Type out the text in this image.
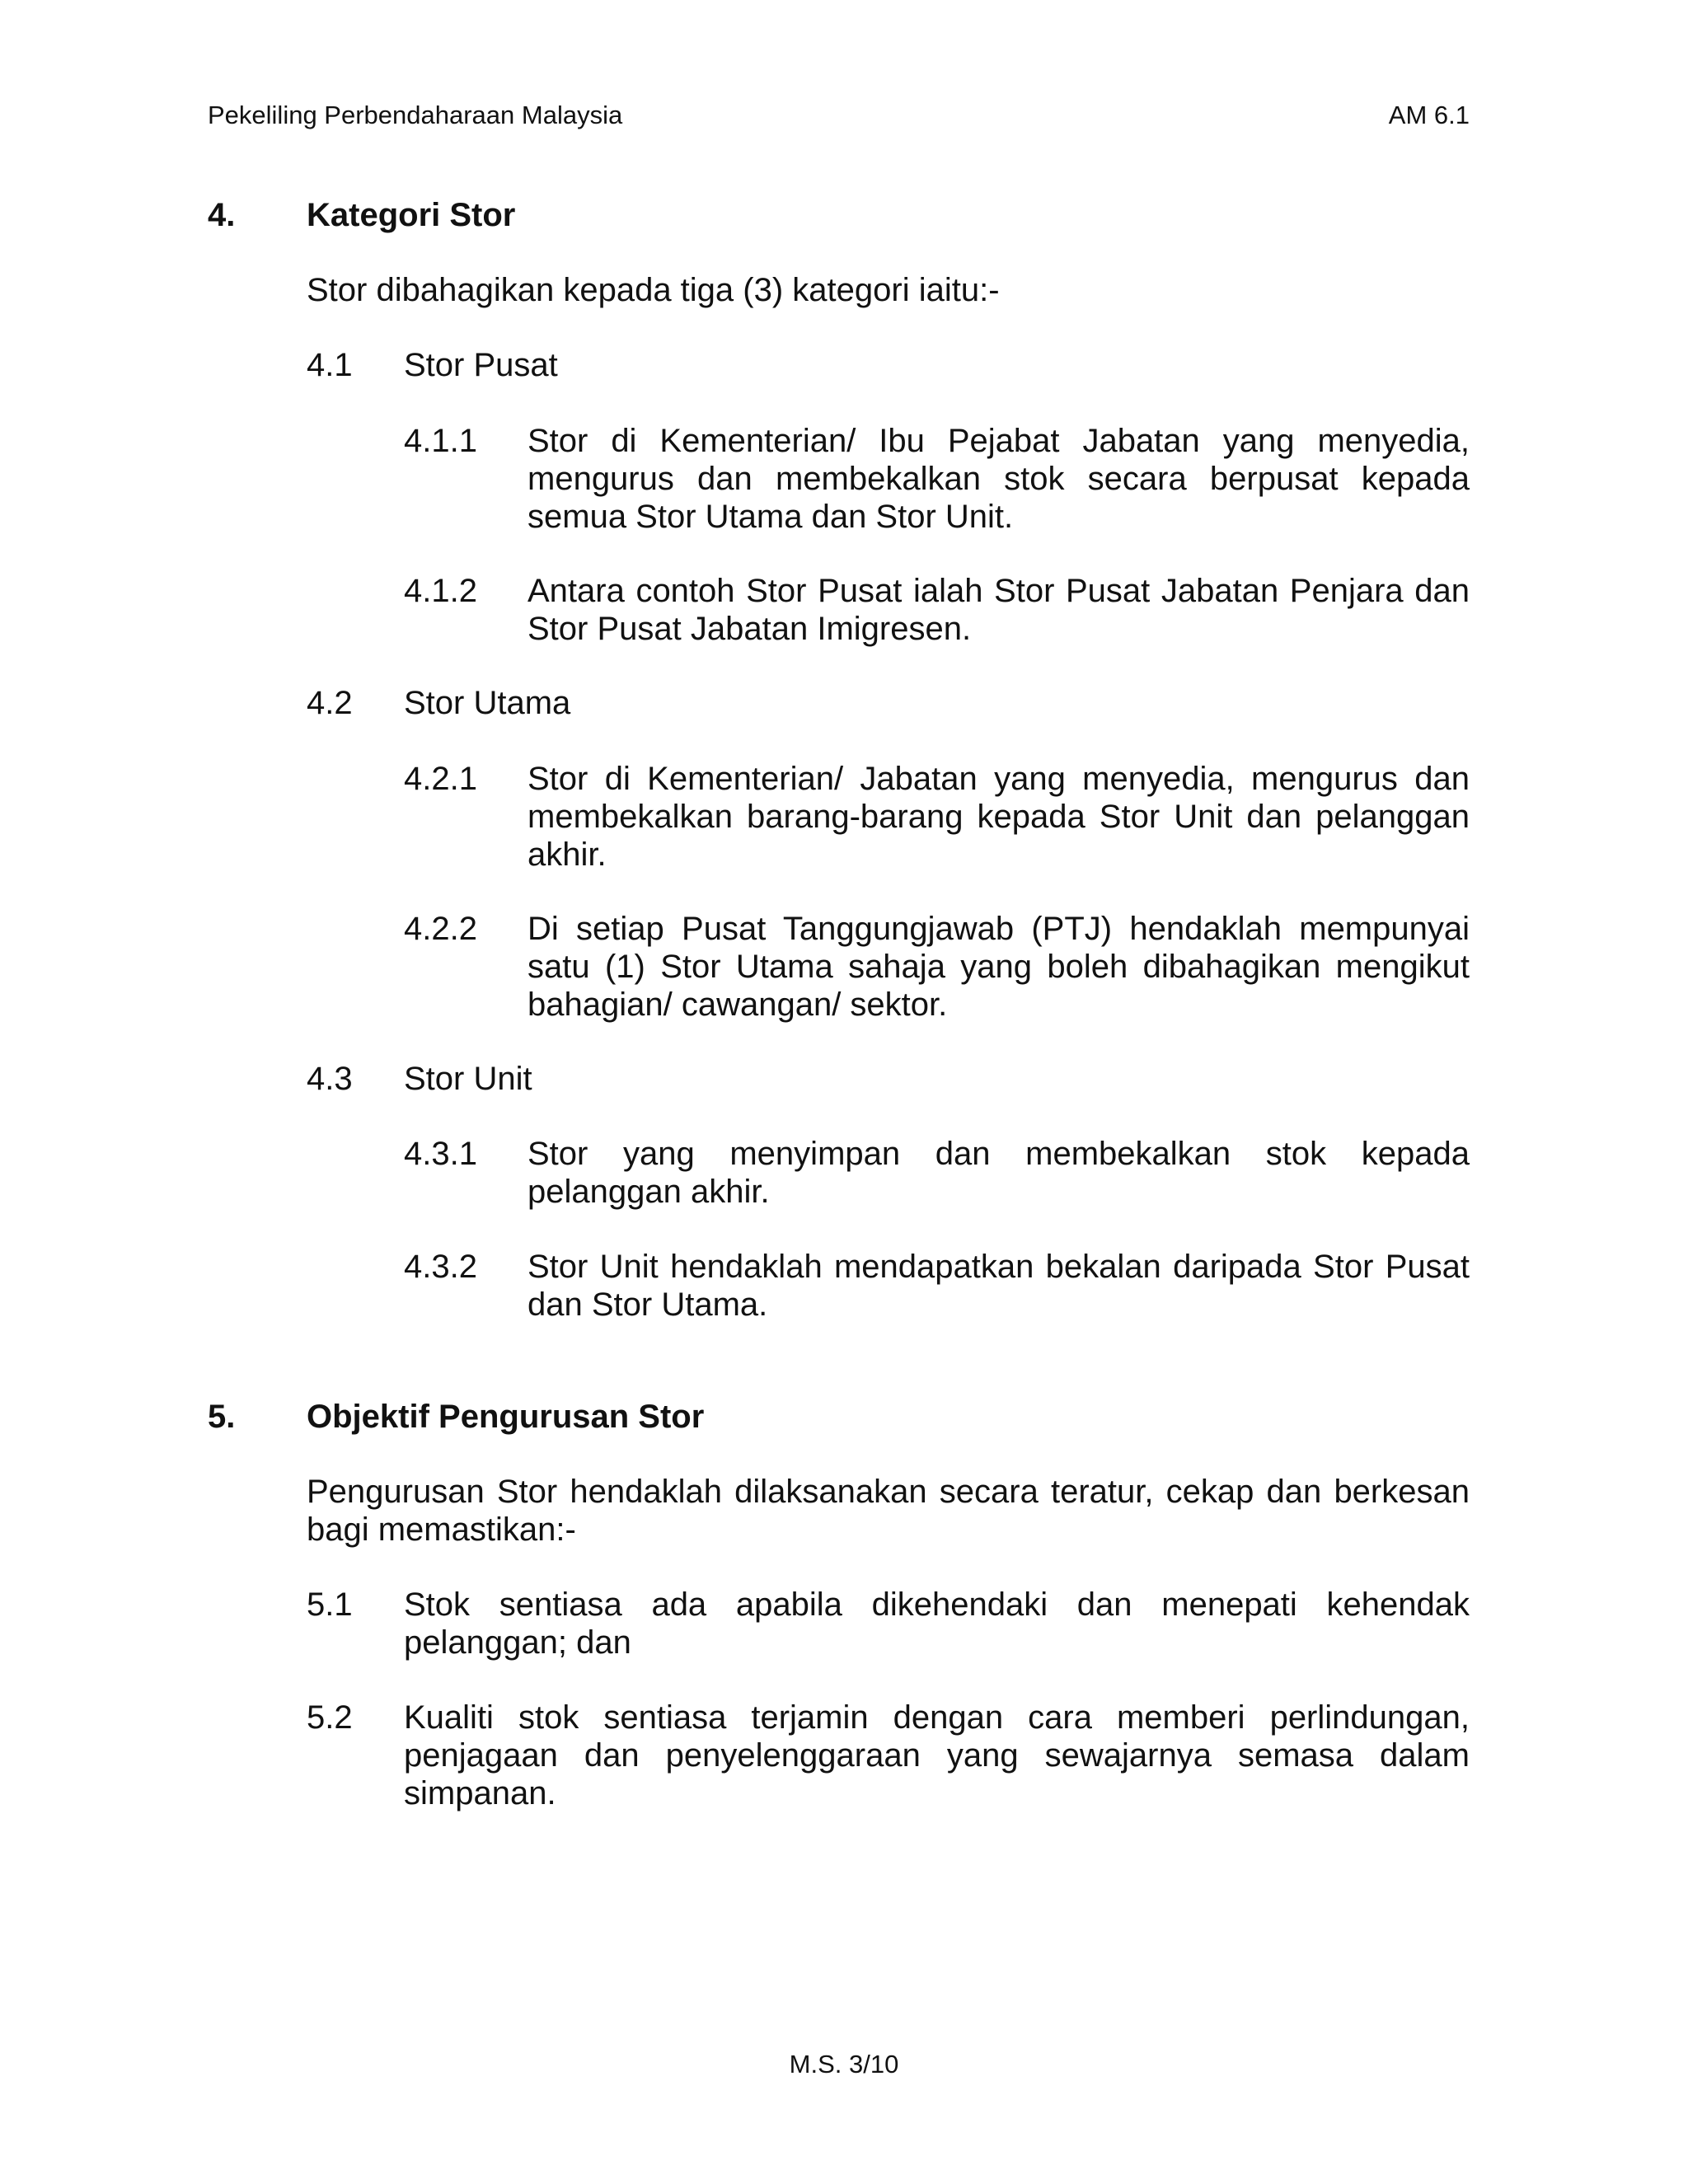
Pekeliling Perbendaharaan Malaysia	AM 6.1
4. Kategori Stor
Stor dibahagikan kepada tiga (3) kategori iaitu:-
4.1 Stor Pusat
4.1.1 Stor di Kementerian/ Ibu Pejabat Jabatan yang menyedia, mengurus dan membekalkan stok secara berpusat kepada semua Stor Utama dan Stor Unit.
4.1.2 Antara contoh Stor Pusat ialah Stor Pusat Jabatan Penjara dan Stor Pusat Jabatan Imigresen.
4.2 Stor Utama
4.2.1 Stor di Kementerian/ Jabatan yang menyedia, mengurus dan membekalkan barang-barang kepada Stor Unit dan pelanggan akhir.
4.2.2 Di setiap Pusat Tanggungjawab (PTJ) hendaklah mempunyai satu (1) Stor Utama sahaja yang boleh dibahagikan mengikut bahagian/ cawangan/ sektor.
4.3 Stor Unit
4.3.1 Stor yang menyimpan dan membekalkan stok kepada pelanggan akhir.
4.3.2 Stor Unit hendaklah mendapatkan bekalan daripada Stor Pusat dan Stor Utama.
5. Objektif Pengurusan Stor
Pengurusan Stor hendaklah dilaksanakan secara teratur, cekap dan berkesan bagi memastikan:-
5.1 Stok sentiasa ada apabila dikehendaki dan menepati kehendak pelanggan; dan
5.2 Kualiti stok sentiasa terjamin dengan cara memberi perlindungan, penjagaan dan penyelenggaraan yang sewajarnya semasa dalam simpanan.
M.S. 3/10
